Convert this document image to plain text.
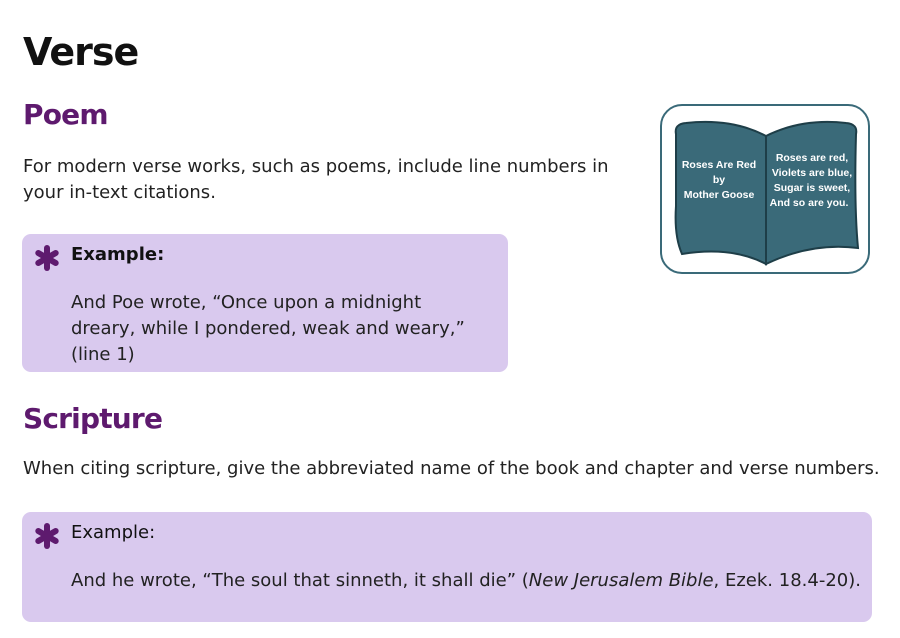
Verse
Poem

For modern verse works, such as poems, include line numbers in your in-text citations.

Example:

And Poe wrote, “Once upon a midnight dreary, while I pondered, weak and weary,” (line 1)

Roses Are Red
by
Mother Goose
Roses are red,
Violets are blue,
Sugar is sweet,
And so are you.
Scripture

When citing scripture, give the abbreviated name of the book and chapter and verse numbers.

Example:

And he wrote, “The soul that sinneth, it shall die” (New Jerusalem Bible, Ezek. 18.4-20).
